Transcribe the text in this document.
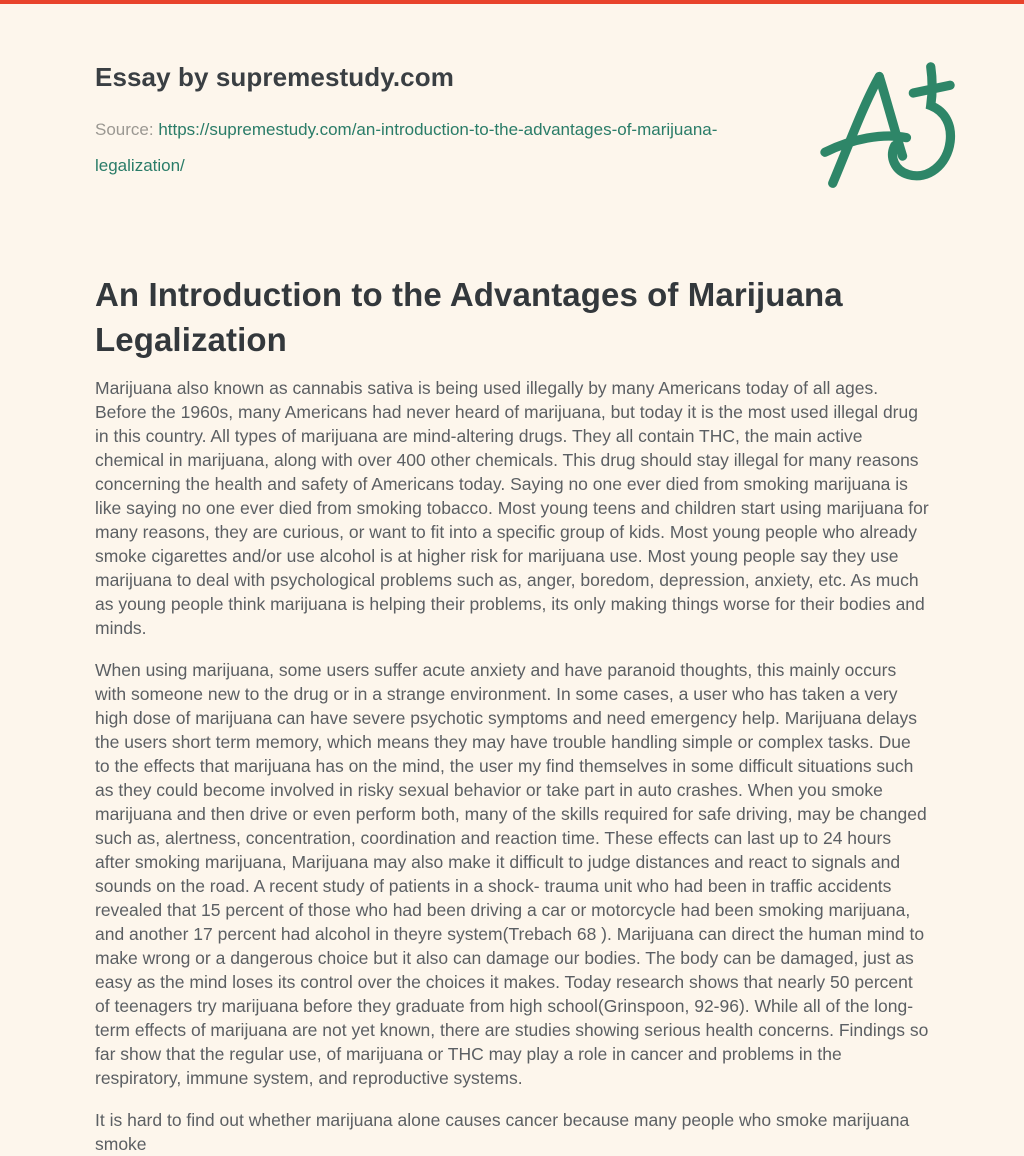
Essay by supremestudy.com

Source: https://supremestudy.com/an-introduction-to-the-advantages-of-marijuana-legalization/

An Introduction to the Advantages of Marijuana Legalization

Marijuana also known as cannabis sativa is being used illegally by many Americans today of all ages. Before the 1960s, many Americans had never heard of marijuana, but today it is the most used illegal drug in this country. All types of marijuana are mind-altering drugs. They all contain THC, the main active chemical in marijuana, along with over 400 other chemicals. This drug should stay illegal for many reasons concerning the health and safety of Americans today. Saying no one ever died from smoking marijuana is like saying no one ever died from smoking tobacco. Most young teens and children start using marijuana for many reasons, they are curious, or want to fit into a specific group of kids. Most young people who already smoke cigarettes and/or use alcohol is at higher risk for marijuana use. Most young people say they use marijuana to deal with psychological problems such as, anger, boredom, depression, anxiety, etc. As much as young people think marijuana is helping their problems, its only making things worse for their bodies and minds.

When using marijuana, some users suffer acute anxiety and have paranoid thoughts, this mainly occurs with someone new to the drug or in a strange environment. In some cases, a user who has taken a very high dose of marijuana can have severe psychotic symptoms and need emergency help. Marijuana delays the users short term memory, which means they may have trouble handling simple or complex tasks. Due to the effects that marijuana has on the mind, the user my find themselves in some difficult situations such as they could become involved in risky sexual behavior or take part in auto crashes. When you smoke marijuana and then drive or even perform both, many of the skills required for safe driving, may be changed such as, alertness, concentration, coordination and reaction time. These effects can last up to 24 hours after smoking marijuana, Marijuana may also make it difficult to judge distances and react to signals and sounds on the road. A recent study of patients in a shock- trauma unit who had been in traffic accidents revealed that 15 percent of those who had been driving a car or motorcycle had been smoking marijuana, and another 17 percent had alcohol in theyre system(Trebach 68 ). Marijuana can direct the human mind to make wrong or a dangerous choice but it also can damage our bodies. The body can be damaged, just as easy as the mind loses its control over the choices it makes. Today research shows that nearly 50 percent of teenagers try marijuana before they graduate from high school(Grinspoon, 92-96). While all of the long-term effects of marijuana are not yet known, there are studies showing serious health concerns. Findings so far show that the regular use, of marijuana or THC may play a role in cancer and problems in the respiratory, immune system, and reproductive systems.

It is hard to find out whether marijuana alone causes cancer because many people who smoke marijuana smoke
